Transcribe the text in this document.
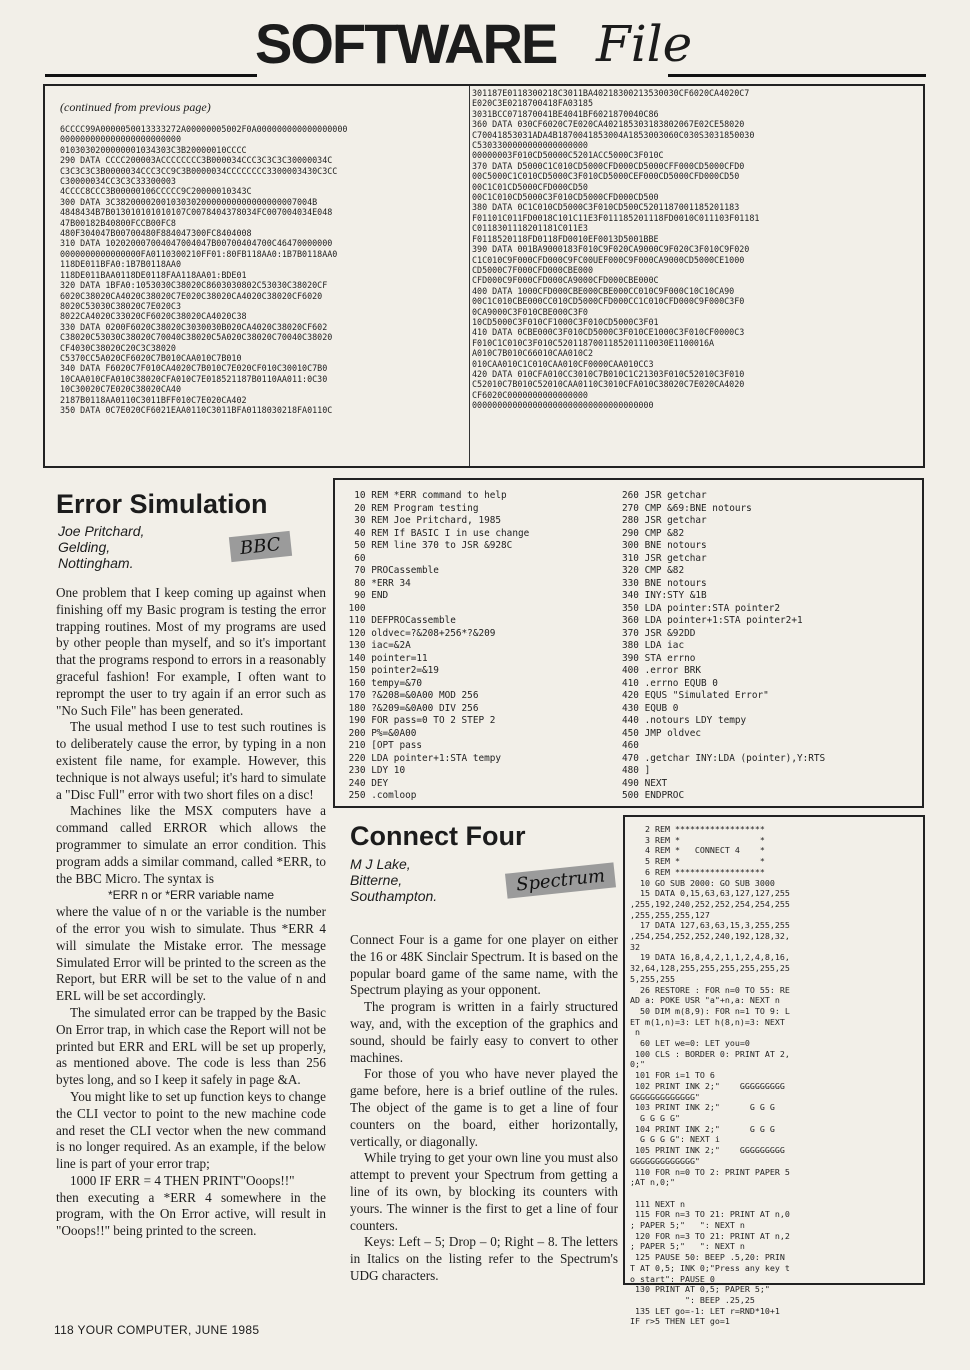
SOFTWARE File
(continued from previous page)
6CCCC99A0000050013333272A00000005002F0A000000000000000000
000000000000000000000000
0103030200000001034303C3B20000010CCCC
290 DATA CCCC200003ACCCCCCCC3B000034CCC3C3C3C30000034C
C3C3C3C3B0000034CCC3CC9C3B0000034CCCCCCCC3300003430C3CC
C30000034CC3C3C33300003
4CCCC8CCC3B00000106CCCCC9C20000010343C
300 DATA 3C382000020010303020000000000000000007004B
4848434B7B013010101010107C0078404378034FC007004034E048
47B00182B40800FCCB00FC8
480F304047B00700480F884047300FC8404008
310 DATA 102020007004047004047B00700404700C46470000000
0000000000000000FA0110300210FF01:80FB118AA0:1B7B0118AA0
118DE011BFA0:1B7B0118AA0
118DE011BAA0118DE0118FAA118AA01:BDE01
320 DATA 1BFA0:1053030C38020C8603030802C53030C38020CF
6020C38020CA4020C38020C7E020C38020CA4020C38020CF6020
8020C53030C38020C7E020C3
8022CA4020C33020CF6020C38020CA4020C38
330 DATA 0200F6020C38020C3030030B020CA4020C38020CF602
C38020C53030C38020C70040C38020C5A020C38020C70040C38020
CF4030C38020C20C3C38020
C5370CC5A020CF6020C7B010CAA010C7B010
340 DATA F6020C7F010CA4020C7B010C7E020CF010C30010C7B0
10CAA010CFA010C38020CFA010C7E018521187B0110AA011:0C30
10C30020C7E020C38020CA40
2187B0118AA0110C3011BFF010C7E020CA402
350 DATA 0C7E020CF6021EAA0110C3011BFA0118030218FA0110C
301187E0118300218C3011BA40218300213530030CF6020CA4020C7
E020C3E0218700418FA03185
3031BCC071870041BE4041BF6021870040C86
360 DATA 030CF6020C7E020CA402185303183802067E02CE58020
C70041853031ADA4B1870041853004A1853003060C030S3031850030
C5303300000000000000000
00000003F010CD50000C5201ACC5000C3F010C
370 DATA D5000C1C010CD5000CFD000CD5000CFF000CD5000CFD0
00C5000C1C010CD5000C3F010CD5000CEF000CD5000CFD000CD50
00C1C01CD5000CFD000CD50
00C1C010CD5000C3F010CD5000CFD000CD500
380 DATA 0C1C010CD5000C3F010CD500C5201187001185201183
F01101C011FD0018C101C11E3F011185201118FD0010C011103F01181
C0118301118201181C011E3
F0118520118FD0118FD0010EF0013D5001BBE
390 DATA 001BA9000183F010C9F020CA9000C9F020C3F010C9F020
C1C010C9F000CFD000C9FC00UEF000C9F000CA9000CD5000CE1000
CD5000C7F000CFD000CBE000
CFD000C9F000CFD000CA9000CFD000CBE000C
400 DATA 1000CFD000CBE000CBE000CC010C9F000C10C10CA90
00C1C010CBE000CC010CD5000CFD000CC1C010CFD000C9F000C3F0
0CA9000C3F010CBE000C3F0
10CD5000C3F010CF1000C3F010CD5000C3F01
410 DATA 0CBE000C3F010CD5000C3F010CE1000C3F010CF0000C3
F010C1C010C3F010C5201187001185201110030E1100016A
A010C7B010C66010CAA010C2
010CAA010C1C010CAA010CF0000CAA010CC3
420 DATA 010CFA010CC3010C7B010C1C21303F010C52010C3F010
C52010C7B010C52010CAA0110C3010CFA010C38020C7E020CA4020
CF6020C0000000000000000
000000000000000000000000000000000000
Error Simulation
Joe Pritchard,
Gelding,
Nottingham.
BBC

One problem that I keep coming up against when finishing off my Basic program is testing the error trapping routines. Most of my programs are used by other people than myself, and so it's important that the programs respond to errors in a reasonably graceful fashion! For example, I often want to reprompt the user to try again if an error such as "No Such File" has been generated.

The usual method I use to test such routines is to deliberately cause the error, by typing in a non existent file name, for example. However, this technique is not always useful; it's hard to simulate a "Disc Full" error with two short files on a disc!

Machines like the MSX computers have a command called ERROR which allows the programmer to simulate an error condition. This program adds a similar command, called *ERR, to the BBC Micro. The syntax is

*ERR n or *ERR variable name

where the value of n or the variable is the number of the error you wish to simulate. Thus *ERR 4 will simulate the Mistake error. The message Simulated Error will be printed to the screen as the Report, but ERR will be set to the value of n and ERL will be set accordingly.

The simulated error can be trapped by the Basic On Error trap, in which case the Report will not be printed but ERR and ERL will be set up properly, as mentioned above. The code is less than 256 bytes long, and so I keep it safely in page &A.

You might like to set up function keys to change the CLI vector to point to the new machine code and reset the CLI vector when the new command is no longer required. As an example, if the below line is part of your error trap;

1000 IF ERR = 4 THEN PRINT"Ooops!!"

then executing a *ERR 4 somewhere in the program, with the On Error active, will result in "Ooops!!" being printed to the screen.

10 REM *ERR command to help
20 REM Program testing
30 REM Joe Pritchard, 1985
40 REM If BASIC I in use change
50 REM line 370 to JSR &928C
60
70 PROCassemble
80 *ERR 34
90 END
100
110 DEFPROCassemble
120 oldvec=?&208+256*?&209
130 iac=&2A
140 pointer=11
150 pointer2=&19
160 tempy=&70
170 ?&208=&0A00 MOD 256
180 ?&209=&0A00 DIV 256
190 FOR pass=0 TO 2 STEP 2
200 P%=&0A00
210 [OPT pass
220 LDA pointer+1:STA tempy
230 LDY 10
240 DEY
250 .comloop
260 JSR getchar
270 CMP &69:BNE notours
280 JSR getchar
290 CMP &82
300 BNE notours
310 JSR getchar
320 CMP &82
330 BNE notours
340 INY:STY &1B
350 LDA pointer:STA pointer2
360 LDA pointer+1:STA pointer2+1
370 JSR &92DD
380 LDA iac
390 STA errno
400 .error BRK
410 .errno EQUB 0
420 EQUS "Simulated Error"
430 EQUB 0
440 .notours LDY tempy
450 JMP oldvec
460
470 .getchar INY:LDA (pointer),Y:RTS
480 ]
490 NEXT
500 ENDPROC
Connect Four
M J Lake,
Bitterne,
Southampton.
Spectrum

Connect Four is a game for one player on either the 16 or 48K Sinclair Spectrum. It is based on the popular board game of the same name, with the Spectrum playing as your opponent.

The program is written in a fairly structured way, and, with the exception of the graphics and sound, should be fairly easy to convert to other machines.

For those of you who have never played the game before, here is a brief outline of the rules. The object of the game is to get a line of four counters on the board, either horizontally, vertically, or diagonally.

While trying to get your own line you must also attempt to prevent your Spectrum from getting a line of its own, by blocking its counters with yours. The winner is the first to get a line of four counters.

Keys: Left – 5; Drop – 0; Right – 8. The letters in Italics on the listing refer to the Spectrum's UDG characters.

2 REM ******************
3 REM *                *
4 REM *   CONNECT 4    *
5 REM *                *
6 REM ******************
10 GO SUB 2000: GO SUB 3000
15 DATA 0,15,63,63,127,127,255
,255,192,240,252,252,254,254,255
,255,255,255,127
17 DATA 127,63,63,15,3,255,255
,254,254,252,252,240,192,128,32,
32
19 DATA 16,8,4,2,1,1,2,4,8,16,
32,64,128,255,255,255,255,255,25
5,255,255
26 RESTORE : FOR n=0 TO 55: RE
AD a: POKE USR "a"+n,a: NEXT n
50 DIM m(8,9): FOR n=1 TO 9: L
ET m(1,n)=3: LET h(8,n)=3: NEXT
n
60 LET we=0: LET you=0
100 CLS : BORDER 0: PRINT AT 2,
0;"
101 FOR i=1 TO 6
102 PRINT INK 2;"    GGGGGGGGG
GGGGGGGGGGGGG"
103 PRINT INK 2;"      G G G
G G G G"
104 PRINT INK 2;"      G G G
G G G G": NEXT i
105 PRINT INK 2;"    GGGGGGGGG
GGGGGGGGGGGGG"
110 FOR n=0 TO 2: PRINT PAPER 5
;AT n,0;"

111 NEXT n
115 FOR n=3 TO 21: PRINT AT n,0
; PAPER 5;"   ": NEXT n
120 FOR n=3 TO 21: PRINT AT n,2
; PAPER 5;"   ": NEXT n
125 PAUSE 50: BEEP .5,20: PRIN
T AT 0,5; INK 0;"Press any key t
o start": PAUSE 0
130 PRINT AT 0,5; PAPER 5;"
": BEEP .25,25
135 LET go=-1: LET r=RND*10+1
IF r>5 THEN LET go=1
118 YOUR COMPUTER, JUNE 1985
